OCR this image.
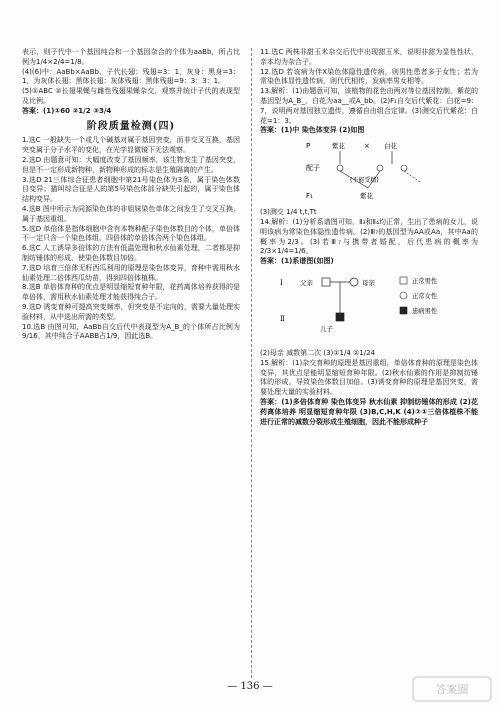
表示，则子代中一个基因纯合和一个基因杂合的个体为aaBb，所占比例为1/4×2/4=1/8。

(4)(6)中：AaBb×AaBb，子代长翅：残翅=3：1，灰身：黑身=3：1，为灰体长翅：黑体长翅：灰体残翅：黑体残翅=9：3：3：1。

(5)①ABC ②长翅果蝇与雌性残翅果蝇杂交，观察并统计子代的表现型及比例。

答案：(1)①60 ②1/2 ③3/4

阶段质量检测(四)

1.选C 一般缺失一个或几个碱基对属于基因突变，而非交叉互换，基因突变属于分子水平的变化，在光学显微镜下无法观察。

2.选D 由题意可知：大幅度改变了基因频率，该生物发生了基因突变，但是不一定形成新物种，新物种形成的标志是生殖隔离的产生。

3.选D 21三体综合征患者细胞中第21号染色体为3条，属于染色体数目变异；猫叫综合征是人的第5号染色体部分缺失引起的，属于染色体结构变异。

4.选B 图中所示为同源染色体的非姐妹染色单体之间发生了交叉互换，属于基因重组。

5.选D 单倍体是指体细胞中含有本物种配子染色体数目的个体，单倍体不一定只含一个染色体组。四倍体的单倍体含两个染色体组。

6.选C 人工诱导多倍体的方法有低温处理和秋水仙素处理，二者都是抑制纺锤体的形成，使染色体数目加倍。

7.选D 培育三倍体无籽西瓜利用的原理是染色体变异，育种中需用秋水仙素处理二倍体西瓜幼苗，得到四倍体植株。

8.选B 单倍体育种的优点是明显缩短育种年限，花药离体培养获得的是单倍体，需用秋水仙素处理才能获得纯合子。

9.选D 诱变育种可提高突变频率，但突变是不定向的，需要大量处理实验材料，从中选出所需的类型。

10.选B 由图可知，AaBb自交后代中表现型为A_B_的个体所占比例为9/16，其中纯合子AABB占1/9，因此选B。

11.选C 两株非甜玉米杂交后代中出现甜玉米，说明非甜为显性性状，亲本均为杂合子。

12.选D 若该病为伴X染色体隐性遗传病，则男性患者多于女性；若为常染色体显性遗传病，则代代相传，发病率男女相等。

13.解析：(1)由题意可知，该植物的花色由两对等位基因控制，紫花的基因型为A_B_，白花为aa__或A_bb。(2)F₁自交后代紫花：白花=9：7，说明两对基因独立遗传，遵循自由组合定律。(3)测交后代紫花：白花=1：3。

答案：(1)中 染色体变异 (2)如图

P	紫花	× 白花
配子
(不能受精)
F₁	紫花

(3)测交 1/4 t,t,Tt

14.解析：(1)分析系谱图可知，Ⅱ₃和Ⅱ₄均正常，生出了患病的女儿，说明该病为常染色体隐性遗传病。(2)Ⅲ₇的基因型为AA或Aa，其中Aa的概率为2/3。(3)若Ⅲ₇与携带者婚配，后代患病的概率为2/3×1/4=1/6。

答案：(1)系谱图(如图)

Ⅰ
Ⅱ
父亲	母亲
儿子
正常男性
正常女性
患病男性

(2)母亲 减数第二次 (3)①1/4 ②1/24

15.解析：(1)杂交育种的原理是基因重组，单倍体育种的原理是染色体变异，其优点是能明显缩短育种年限。(2)秋水仙素的作用是抑制纺锤体的形成，导致染色体数目加倍。(3)诱变育种的原理是基因突变，需要处理大量的实验材料。

答案：(1)多倍体育种 染色体变异 秋水仙素 抑制纺锤体的形成 (2)花药离体培养 明显缩短育种年限 (3)B,C,H,K (4)②①三倍体植株不能进行正常的减数分裂形成生殖细胞，因此不能形成种子

— 136 —	答案圈
